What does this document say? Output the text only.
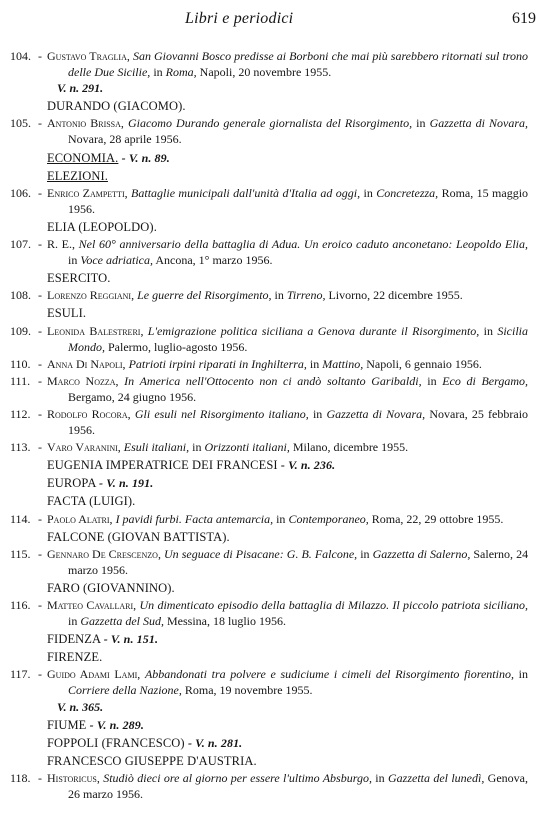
Libri e periodici	619
104. - Gustavo Traglia, San Giovanni Bosco predisse ai Borboni che mai più sarebbero ritornati sul trono delle Due Sicilie, in Roma, Napoli, 20 novembre 1955.
V. n. 291.
DURANDO (GIACOMO).
105. - Antonio Brissa, Giacomo Durando generale giornalista del Risorgimento, in Gazzetta di Novara, Novara, 28 aprile 1956.
ECONOMIA. - V. n. 89.
ELEZIONI.
106. - Enrico Zampetti, Battaglie municipali dall'unità d'Italia ad oggi, in Concretezza, Roma, 15 maggio 1956.
ELIA (LEOPOLDO).
107. - R. E., Nel 60° anniversario della battaglia di Adua. Un eroico caduto anconetano: Leopoldo Elia, in Voce adriatica, Ancona, 1° marzo 1956.
ESERCITO.
108. - Lorenzo Reggiani, Le guerre del Risorgimento, in Tirreno, Livorno, 22 dicembre 1955.
ESULI.
109. - Leonida Balestreri, L'emigrazione politica siciliana a Genova durante il Risorgimento, in Sicilia Mondo, Palermo, luglio-agosto 1956.
110. - Anna Di Napoli, Patrioti irpini riparati in Inghilterra, in Mattino, Napoli, 6 gennaio 1956.
111. - Marco Nozza, In America nell'Ottocento non ci andò soltanto Garibaldi, in Eco di Bergamo, Bergamo, 24 giugno 1956.
112. - Rodolfo Rocora, Gli esuli nel Risorgimento italiano, in Gazzetta di Novara, Novara, 25 febbraio 1956.
113. - Varo Varanini, Esuli italiani, in Orizzonti italiani, Milano, dicembre 1955.
EUGENIA IMPERATRICE DEI FRANCESI - V. n. 236.
EUROPA - V. n. 191.
FACTA (LUIGI).
114. - Paolo Alatri, I pavidi furbi. Facta antemarcia, in Contemporaneo, Roma, 22, 29 ottobre 1955.
FALCONE (GIOVAN BATTISTA).
115. - Gennaro De Crescenzo, Un seguace di Pisacane: G. B. Falcone, in Gazzetta di Salerno, Salerno, 24 marzo 1956.
FARO (GIOVANNINO).
116. - Matteo Cavallari, Un dimenticato episodio della battaglia di Milazzo. Il piccolo patriota siciliano, in Gazzetta del Sud, Messina, 18 luglio 1956.
FIDENZA - V. n. 151.
FIRENZE.
117. - Guido Adami Lami, Abbandonati tra polvere e sudiciume i cimeli del Risorgimento fiorentino, in Corriere della Nazione, Roma, 19 novembre 1955.
V. n. 365.
FIUME - V. n. 289.
FOPPOLI (FRANCESCO) - V. n. 281.
FRANCESCO GIUSEPPE D'AUSTRIA.
118. - Historicus, Studiò dieci ore al giorno per essere l'ultimo Absburgo, in Gazzetta del lunedì, Genova, 26 marzo 1956.
